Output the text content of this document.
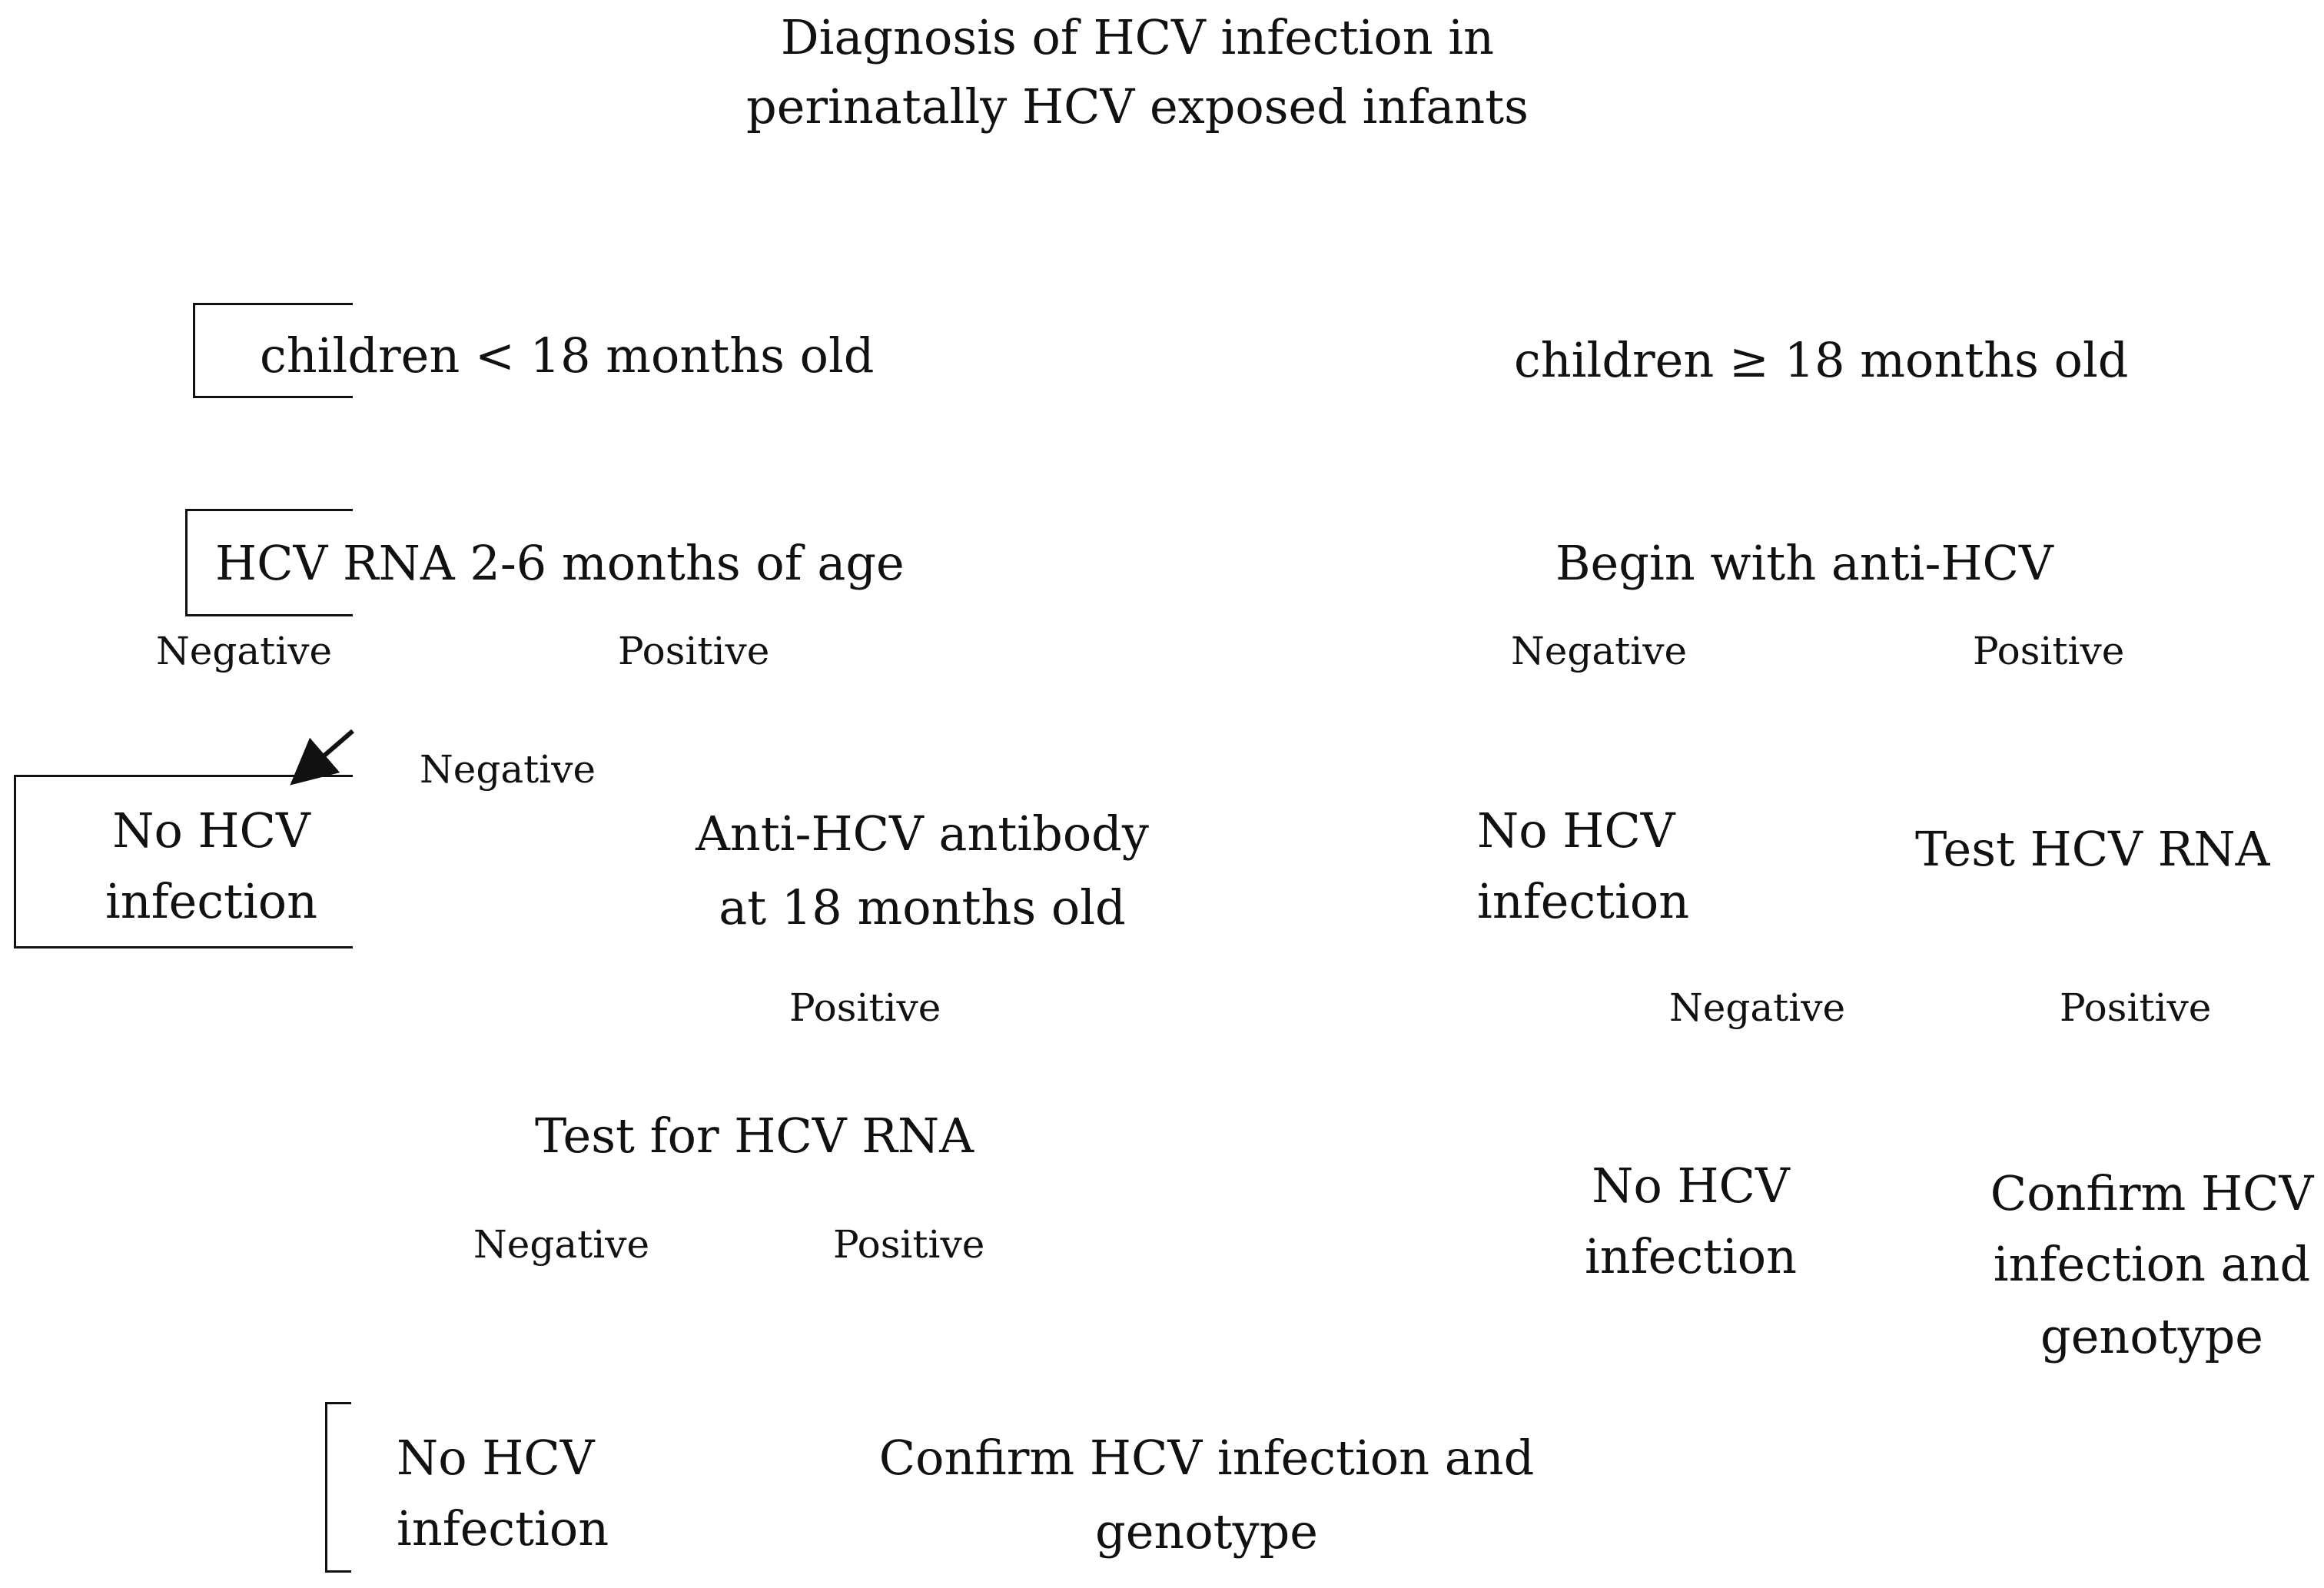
Diagnosis of HCV infection in
perinatally HCV exposed infants
children < 18 months old
HCV RNA 2-6 months of age
Negative	Positive
No HCV
infection
Negative
Anti-HCV antibody
at 18 months old
Positive
Test for HCV RNA
Negative	Positive
No HCV
infection
Confirm HCV infection and
genotype
children ≥ 18 months old
Begin with anti-HCV
Negative	Positive
No HCV
infection
Test HCV RNA
Negative	Positive
No HCV
infection
Confirm HCV
infection and
genotype
